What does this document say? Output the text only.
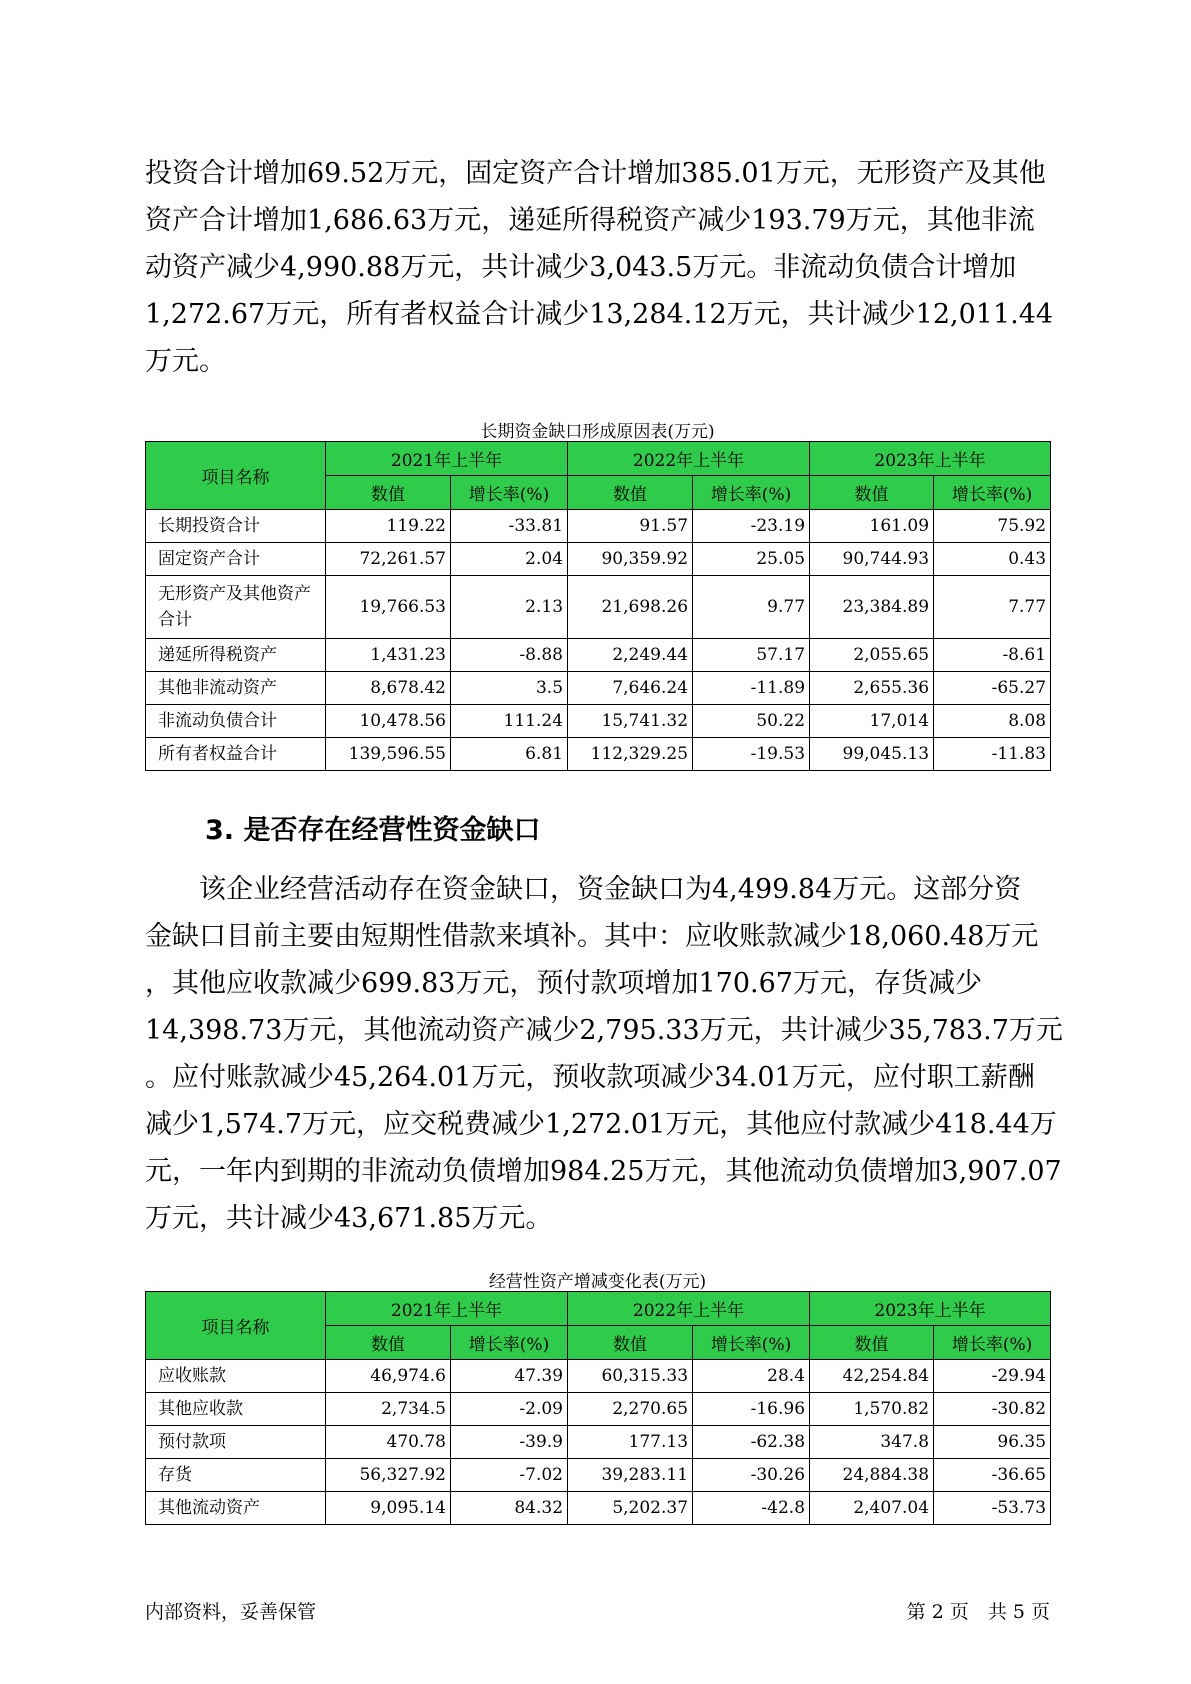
投资合计增加69.52万元，固定资产合计增加385.01万元，无形资产及其他
资产合计增加1,686.63万元，递延所得税资产减少193.79万元，其他非流
动资产减少4,990.88万元，共计减少3,043.5万元。非流动负债合计增加
1,272.67万元，所有者权益合计减少13,284.12万元，共计减少12,011.44
万元。
长期资金缺口形成原因表(万元)
项目名称	2021年上半年		2022年上半年		2023年上半年	
	数值	增长率(%)	数值	增长率(%)	数值	增长率(%)
长期投资合计	119.22	-33.81	91.57	-23.19	161.09	75.92
固定资产合计	72,261.57	2.04	90,359.92	25.05	90,744.93	0.43
无形资产及其他资产合计	19,766.53	2.13	21,698.26	9.77	23,384.89	7.77
递延所得税资产	1,431.23	-8.88	2,249.44	57.17	2,055.65	-8.61
其他非流动资产	8,678.42	3.5	7,646.24	-11.89	2,655.36	-65.27
非流动负债合计	10,478.56	111.24	15,741.32	50.22	17,014	8.08
所有者权益合计	139,596.55	6.81	112,329.25	-19.53	99,045.13	-11.83
3. 是否存在经营性资金缺口
　　该企业经营活动存在资金缺口，资金缺口为4,499.84万元。这部分资
金缺口目前主要由短期性借款来填补。其中：应收账款减少18,060.48万元
，其他应收款减少699.83万元，预付款项增加170.67万元，存货减少
14,398.73万元，其他流动资产减少2,795.33万元，共计减少35,783.7万元
。应付账款减少45,264.01万元，预收款项减少34.01万元，应付职工薪酬
减少1,574.7万元，应交税费减少1,272.01万元，其他应付款减少418.44万
元，一年内到期的非流动负债增加984.25万元，其他流动负债增加3,907.07
万元，共计减少43,671.85万元。
经营性资产增减变化表(万元)
项目名称	2021年上半年		2022年上半年		2023年上半年	
	数值	增长率(%)	数值	增长率(%)	数值	增长率(%)
应收账款	46,974.6	47.39	60,315.33	28.4	42,254.84	-29.94
其他应收款	2,734.5	-2.09	2,270.65	-16.96	1,570.82	-30.82
预付款项	470.78	-39.9	177.13	-62.38	347.8	96.35
存货	56,327.92	-7.02	39,283.11	-30.26	24,884.38	-36.65
其他流动资产	9,095.14	84.32	5,202.37	-42.8	2,407.04	-53.73
内部资料，妥善保管	第 2 页　共 5 页
